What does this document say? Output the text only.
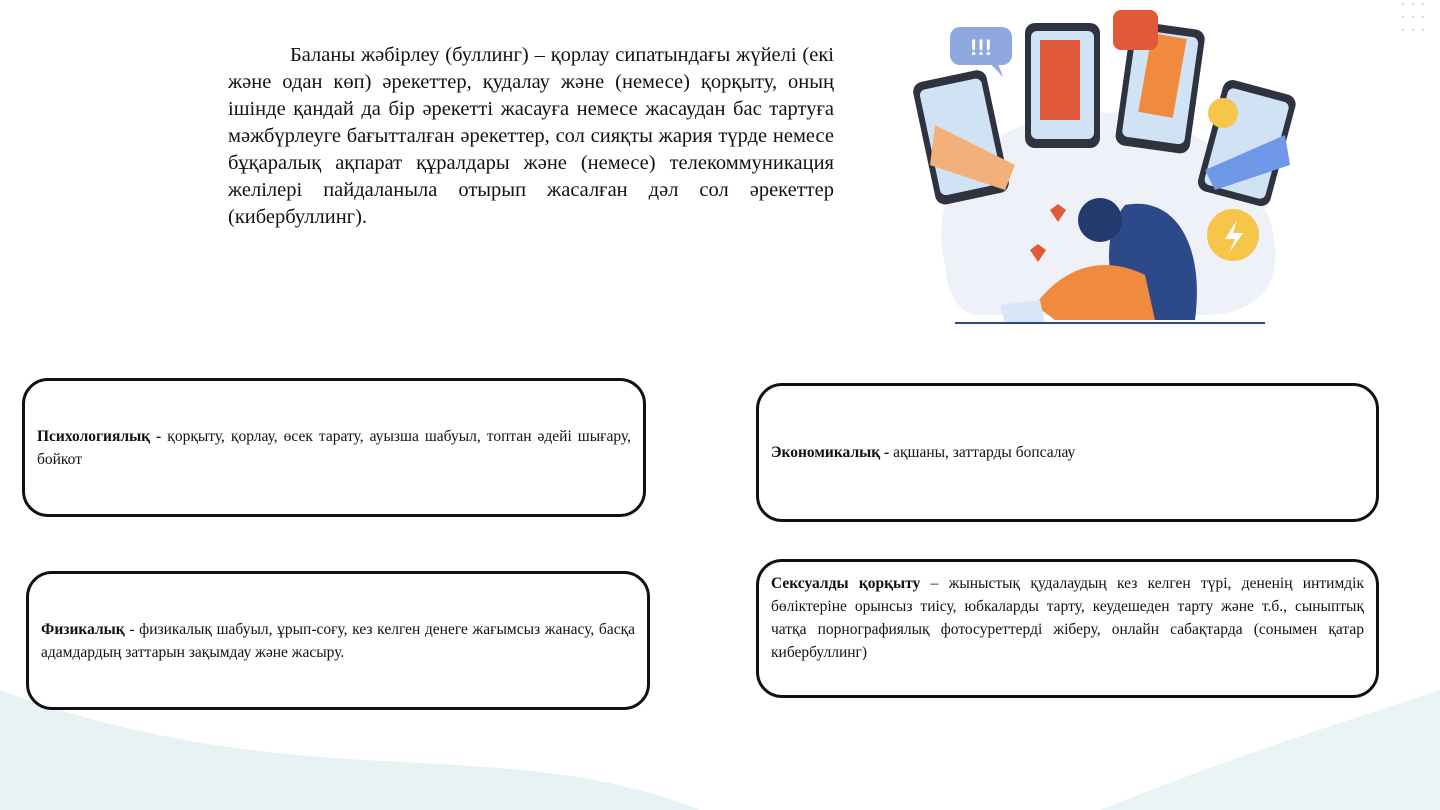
Баланы жәбірлеу (буллинг) – қорлау сипатындағы жүйелі (екі және одан көп) әрекеттер, қудалау және (немесе) қорқыту, оның ішінде қандай да бір әрекетті жасауға немесе жасаудан бас тартуға мәжбүрлеуге бағытталған әрекеттер, сол сияқты жария түрде немесе бұқаралық ақпарат құралдары және (немесе) телекоммуникация желілері пайдаланыла отырып жасалған дәл сол әрекеттер (кибербуллинг).

!!!

Психологиялық - қорқыту, қорлау, өсек тарату, ауызша шабуыл, топтан әдейі шығару, бойкот

Физикалық - физикалық шабуыл, ұрып-соғу, кез келген денеге жағымсыз жанасу, басқа адамдардың заттарын зақымдау және жасыру.

Экономикалық - ақшаны, заттарды бопсалау

Сексуалды қорқыту – жыныстық қудалаудың кез келген түрі, дененің интимдік бөліктеріне орынсыз тиісу, юбкаларды тарту, кеудешеден тарту және т.б., сыныптық чатқа порнографиялық фотосуреттерді жіберу, онлайн сабақтарда (сонымен қатар кибербуллинг)
